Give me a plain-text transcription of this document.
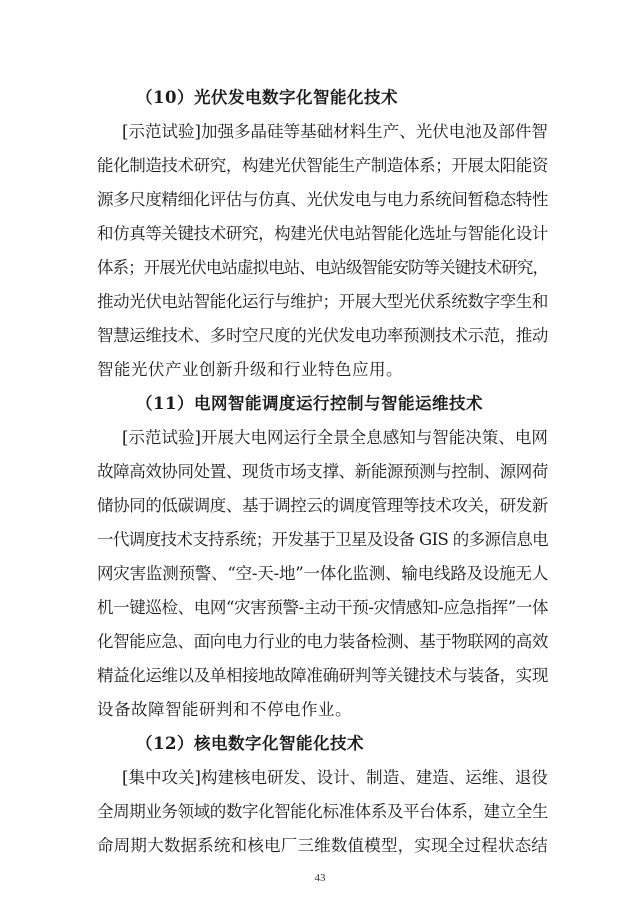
（10）光伏发电数字化智能化技术
[示范试验]加强多晶硅等基础材料生产、光伏电池及部件智
能化制造技术研究，构建光伏智能生产制造体系；开展太阳能资
源多尺度精细化评估与仿真、光伏发电与电力系统间暂稳态特性
和仿真等关键技术研究，构建光伏电站智能化选址与智能化设计
体系；开展光伏电站虚拟电站、电站级智能安防等关键技术研究，
推动光伏电站智能化运行与维护；开展大型光伏系统数字孪生和
智慧运维技术、多时空尺度的光伏发电功率预测技术示范，推动
智能光伏产业创新升级和行业特色应用。
（11）电网智能调度运行控制与智能运维技术
[示范试验]开展大电网运行全景全息感知与智能决策、电网
故障高效协同处置、现货市场支撑、新能源预测与控制、源网荷
储协同的低碳调度、基于调控云的调度管理等技术攻关，研发新
一代调度技术支持系统；开发基于卫星及设备 GIS 的多源信息电
网灾害监测预警、“空-天-地”一体化监测、输电线路及设施无人
机一键巡检、电网“灾害预警-主动干预-灾情感知-应急指挥”一体
化智能应急、面向电力行业的电力装备检测、基于物联网的高效
精益化运维以及单相接地故障准确研判等关键技术与装备，实现
设备故障智能研判和不停电作业。
（12）核电数字化智能化技术
[集中攻关]构建核电研发、设计、制造、建造、运维、退役
全周期业务领域的数字化智能化标准体系及平台体系，建立全生
命周期大数据系统和核电厂三维数值模型，实现全过程状态结
43
